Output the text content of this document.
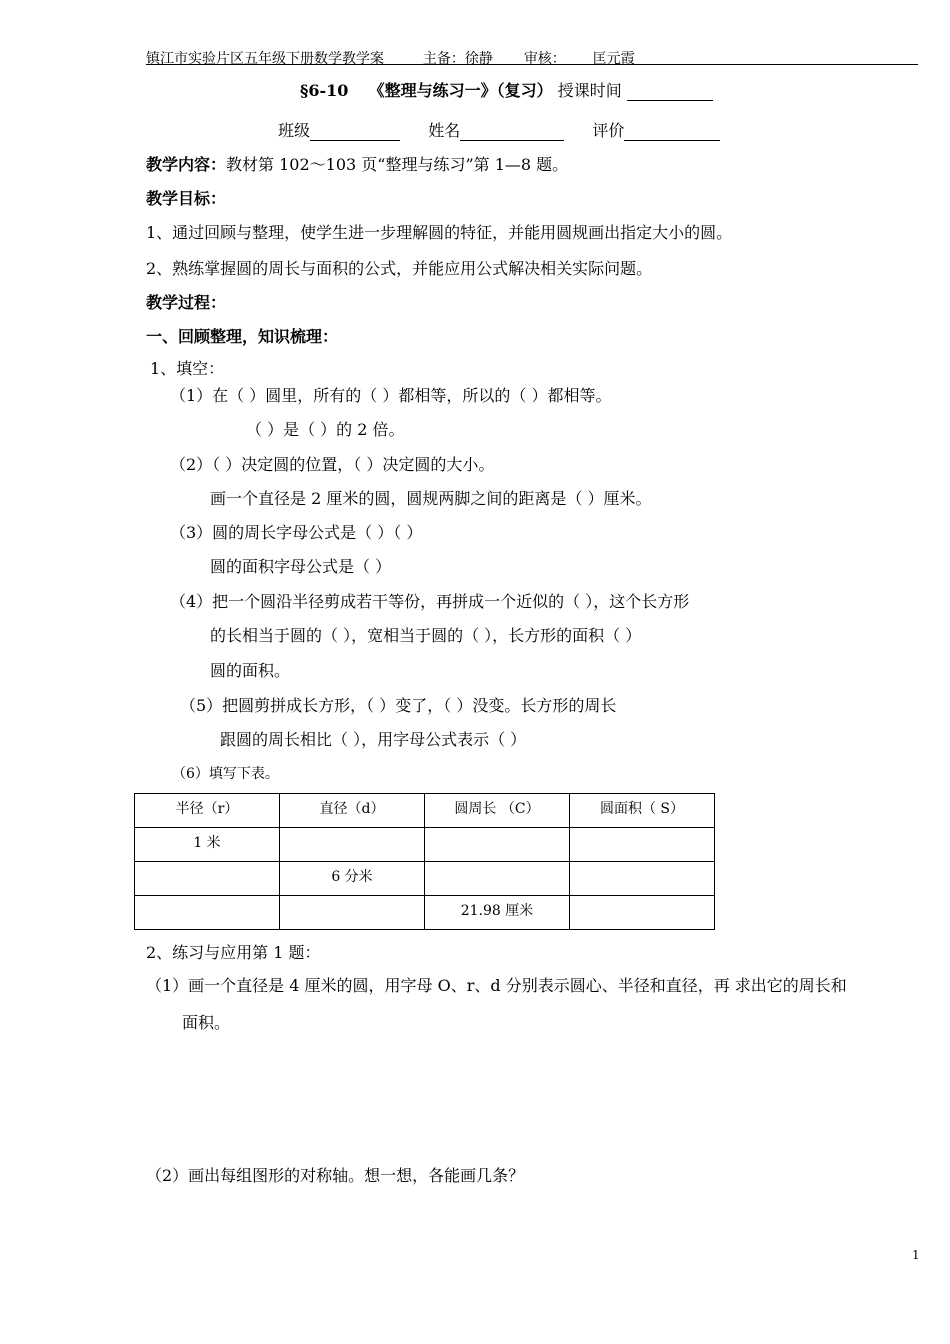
镇江市实验片区五年级下册数学教学案	主备：徐静 审核： 匡元霞
§6-10 《整理与练习一》（复习） 授课时间
班级	姓名	评价
教学内容：教材第 102～103 页“整理与练习”第 1—8 题。
教学目标：
1、通过回顾与整理，使学生进一步理解圆的特征，并能用圆规画出指定大小的圆。
2、熟练掌握圆的周长与面积的公式，并能应用公式解决相关实际问题。
教学过程：
一、回顾整理，知识梳理：
1、填空：
（1）在（ ）圆里，所有的（ ）都相等，所以的（ ）都相等。
（ ）是（ ）的 2 倍。
（2）（ ）决定圆的位置，（ ）决定圆的大小。
画一个直径是 2 厘米的圆，圆规两脚之间的距离是（ ）厘米。
（3）圆的周长字母公式是（ ）（ ）
圆的面积字母公式是（ ）
（4）把一个圆沿半径剪成若干等份，再拼成一个近似的（ ），这个长方形
的长相当于圆的（ ），宽相当于圆的（ ），长方形的面积（ ）
圆的面积。
（5）把圆剪拼成长方形，（ ）变了，（ ）没变。长方形的周长
跟圆的周长相比（ ），用字母公式表示（ ）
（6）填写下表。
半径（r）	直径（d）	圆周长 （C）	圆面积（ S）
1 米			
	6 分米		
		21.98 厘米	
2、练习与应用第 1 题：
（1）画一个直径是 4 厘米的圆，用字母 O、r、d 分别表示圆心、半径和直径，再 求出它的周长和
面积。
（2）画出每组图形的对称轴。想一想，各能画几条？
1
